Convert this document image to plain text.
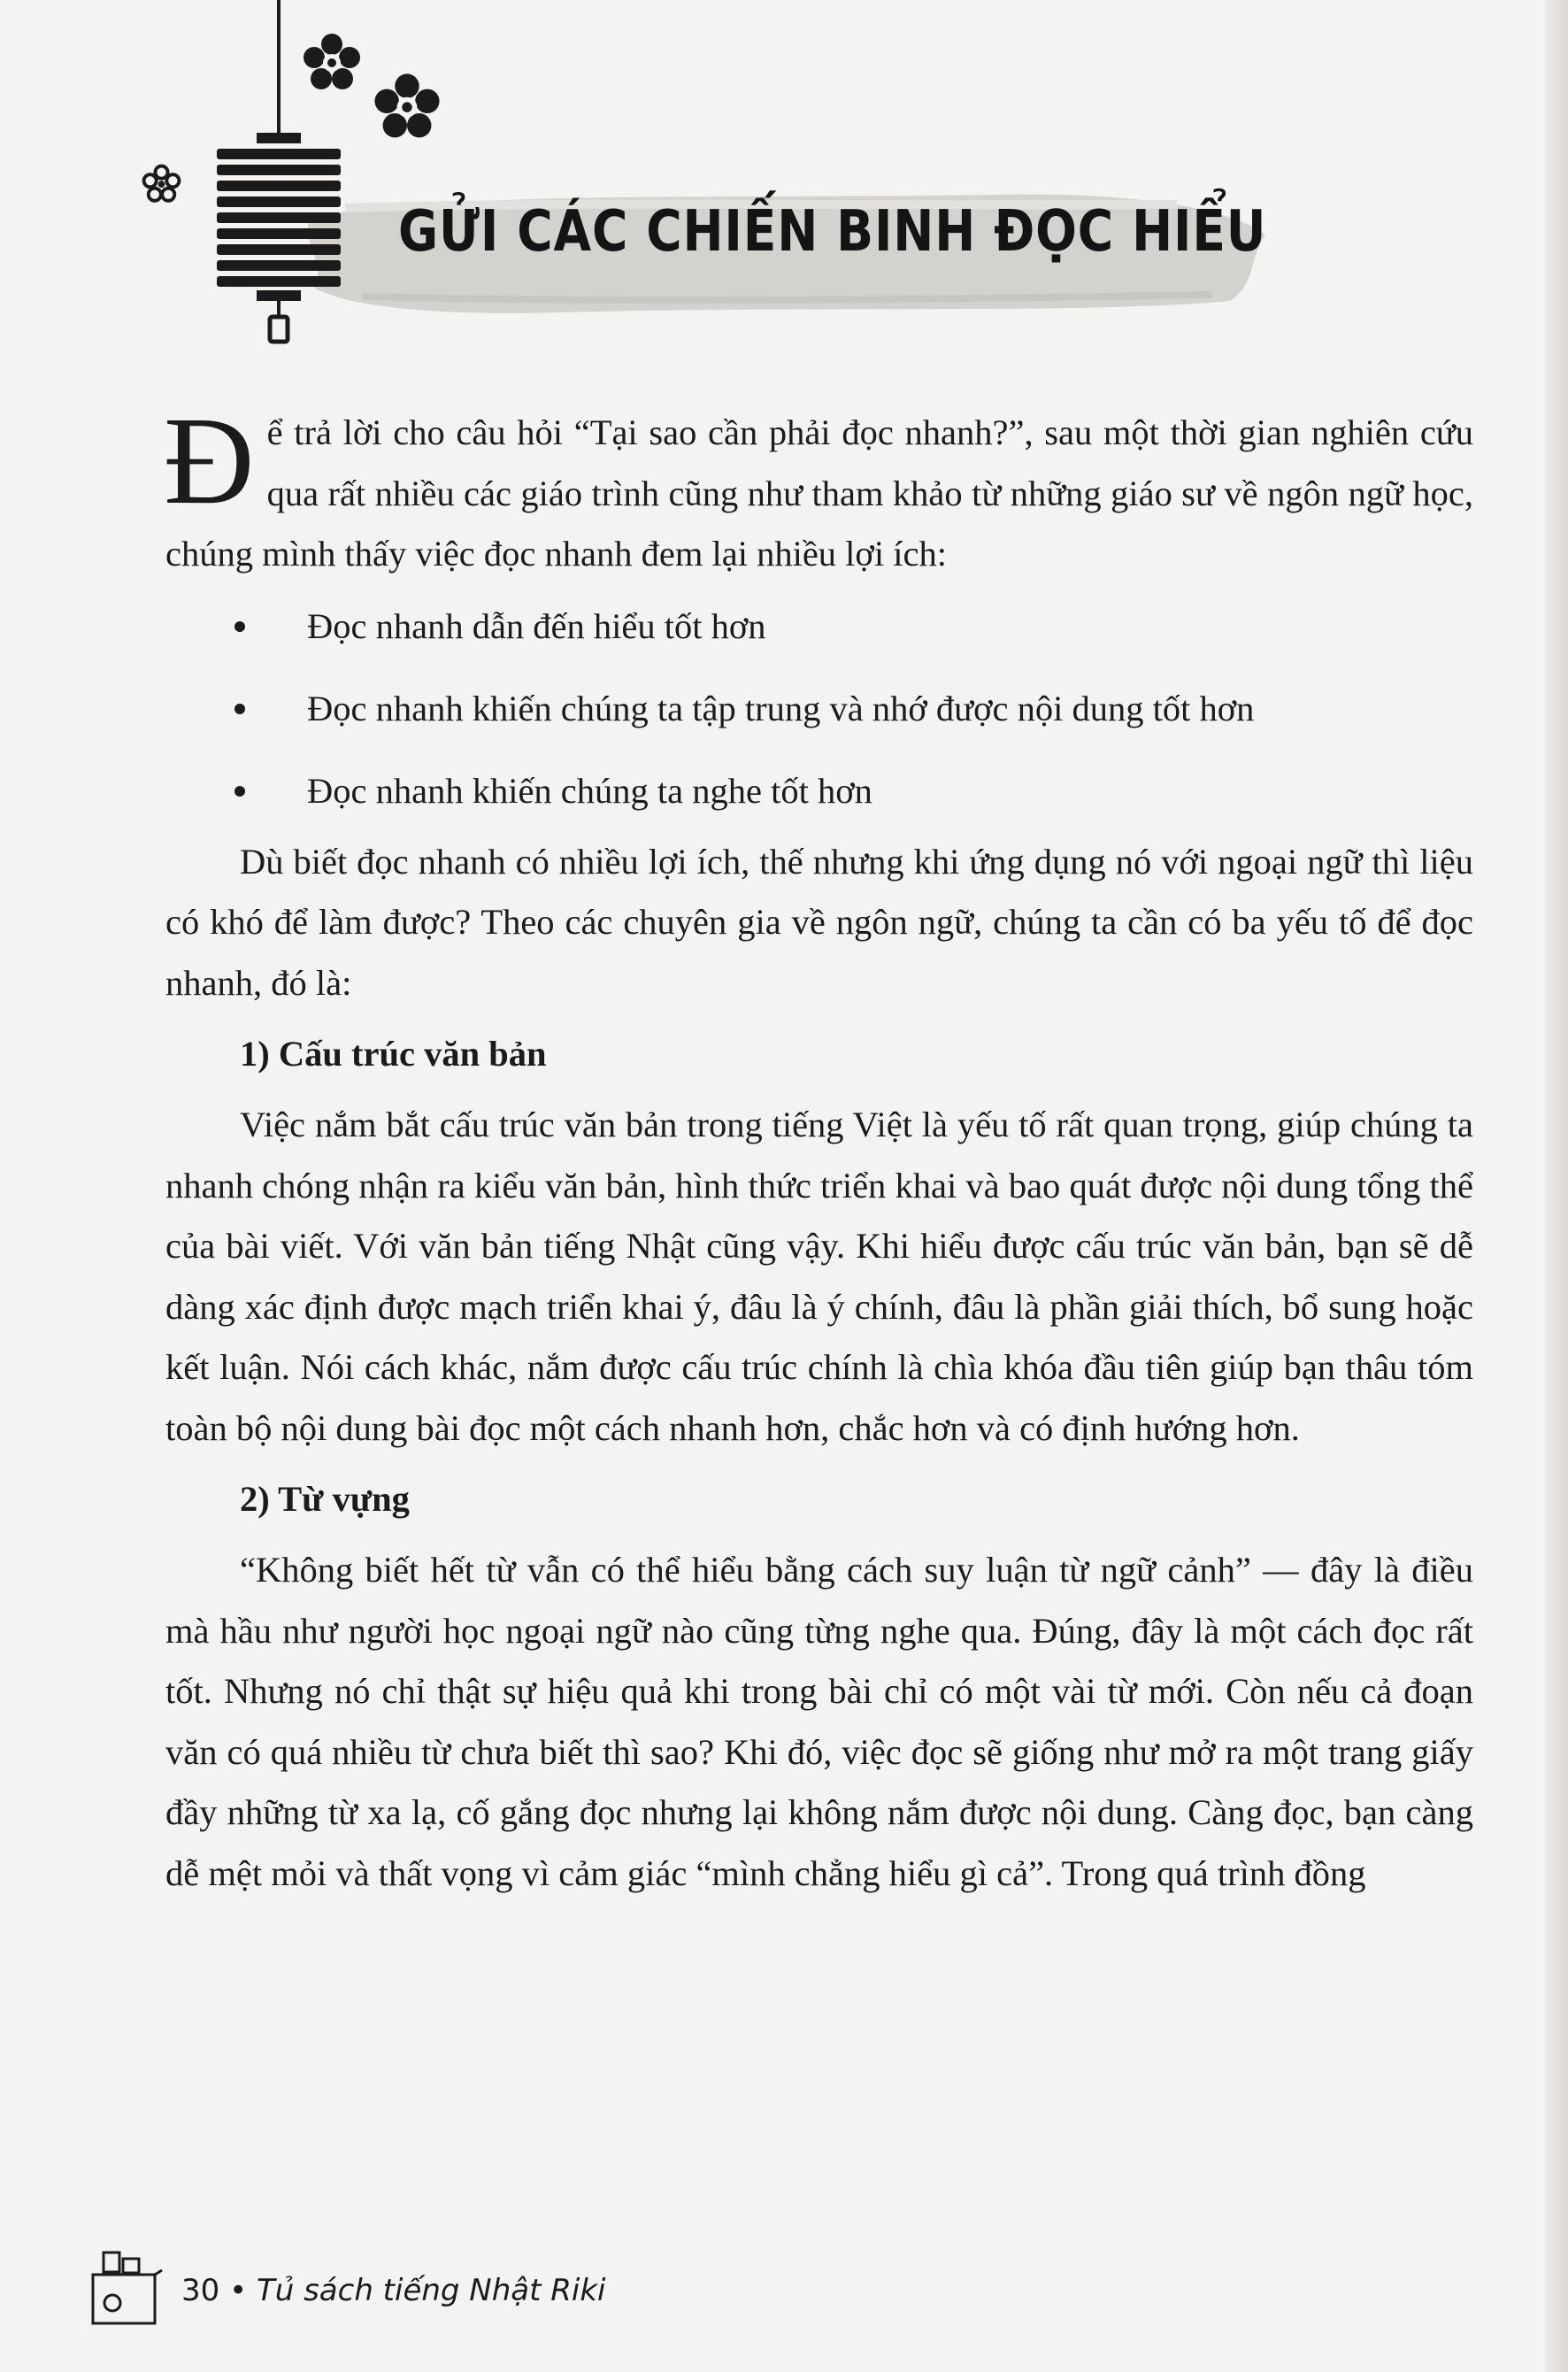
GỬI CÁC CHIẾN BINH ĐỌC HIỂU

Để trả lời cho câu hỏi “Tại sao cần phải đọc nhanh?”, sau một thời gian nghiên cứu qua rất nhiều các giáo trình cũng như tham khảo từ những giáo sư về ngôn ngữ học, chúng mình thấy việc đọc nhanh đem lại nhiều lợi ích:

Đọc nhanh dẫn đến hiểu tốt hơn
Đọc nhanh khiến chúng ta tập trung và nhớ được nội dung tốt hơn
Đọc nhanh khiến chúng ta nghe tốt hơn

Dù biết đọc nhanh có nhiều lợi ích, thế nhưng khi ứng dụng nó với ngoại ngữ thì liệu có khó để làm được? Theo các chuyên gia về ngôn ngữ, chúng ta cần có ba yếu tố để đọc nhanh, đó là:

1) Cấu trúc văn bản

Việc nắm bắt cấu trúc văn bản trong tiếng Việt là yếu tố rất quan trọng, giúp chúng ta nhanh chóng nhận ra kiểu văn bản, hình thức triển khai và bao quát được nội dung tổng thể của bài viết. Với văn bản tiếng Nhật cũng vậy. Khi hiểu được cấu trúc văn bản, bạn sẽ dễ dàng xác định được mạch triển khai ý, đâu là ý chính, đâu là phần giải thích, bổ sung hoặc kết luận. Nói cách khác, nắm được cấu trúc chính là chìa khóa đầu tiên giúp bạn thâu tóm toàn bộ nội dung bài đọc một cách nhanh hơn, chắc hơn và có định hướng hơn.

2) Từ vựng

“Không biết hết từ vẫn có thể hiểu bằng cách suy luận từ ngữ cảnh” — đây là điều mà hầu như người học ngoại ngữ nào cũng từng nghe qua. Đúng, đây là một cách đọc rất tốt. Nhưng nó chỉ thật sự hiệu quả khi trong bài chỉ có một vài từ mới. Còn nếu cả đoạn văn có quá nhiều từ chưa biết thì sao? Khi đó, việc đọc sẽ giống như mở ra một trang giấy đầy những từ xa lạ, cố gắng đọc nhưng lại không nắm được nội dung. Càng đọc, bạn càng dễ mệt mỏi và thất vọng vì cảm giác “mình chẳng hiểu gì cả”. Trong quá trình đồng

30 • Tủ sách tiếng Nhật Riki
